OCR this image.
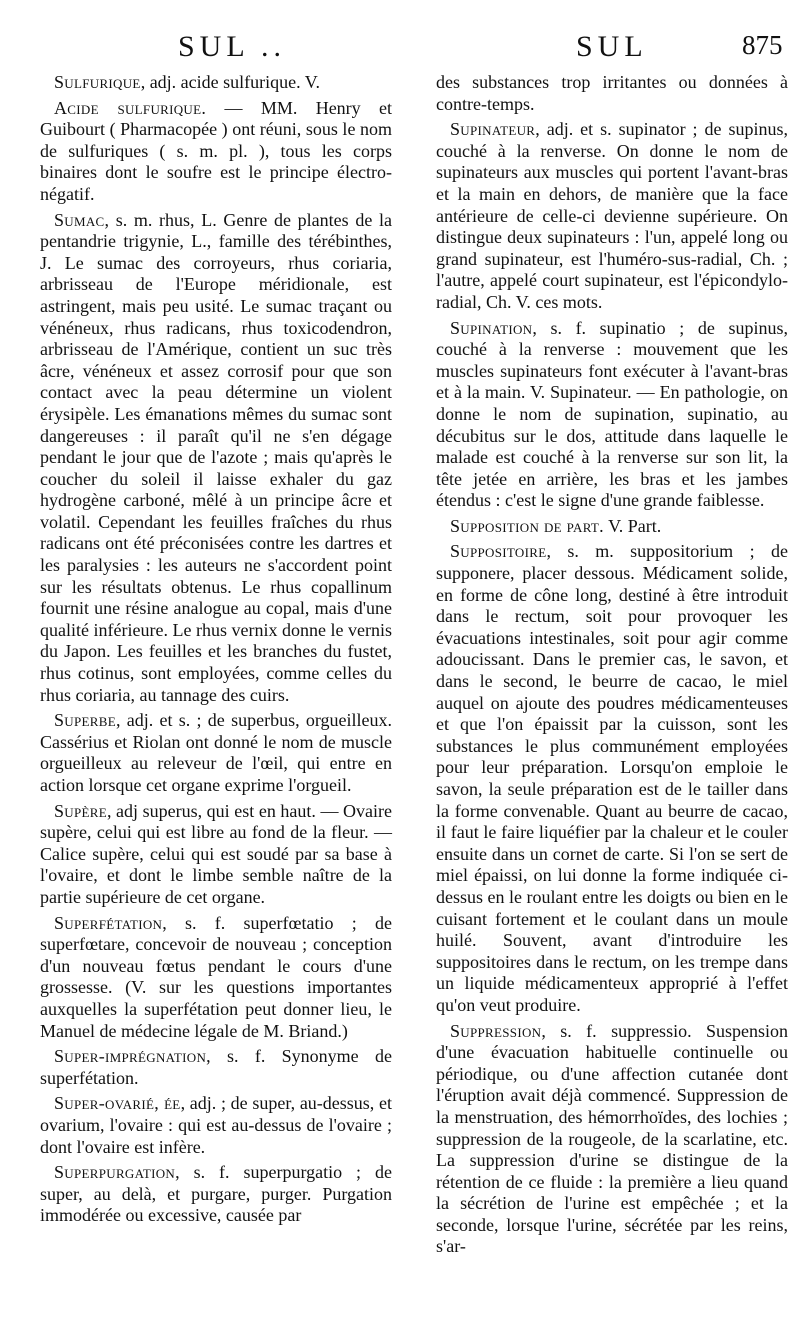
SUL ..	SUL	875

Sulfurique, adj. acide sulfurique. V.

Acide sulfurique. — MM. Henry et Guibourt ( Pharmacopée ) ont réuni, sous le nom de sulfuriques ( s. m. pl. ), tous les corps binaires dont le soufre est le principe électro-négatif.

Sumac, s. m. rhus, L. Genre de plantes de la pentandrie trigynie, L., famille des térébinthes, J. Le sumac des corroyeurs, rhus coriaria, arbrisseau de l'Europe méridionale, est astringent, mais peu usité. Le sumac traçant ou vénéneux, rhus radicans, rhus toxicodendron, arbrisseau de l'Amérique, contient un suc très âcre, vénéneux et assez corrosif pour que son contact avec la peau détermine un violent érysipèle. Les émanations mêmes du sumac sont dangereuses : il paraît qu'il ne s'en dégage pendant le jour que de l'azote ; mais qu'après le coucher du soleil il laisse exhaler du gaz hydrogène carboné, mêlé à un principe âcre et volatil. Cependant les feuilles fraîches du rhus radicans ont été préconisées contre les dartres et les paralysies : les auteurs ne s'accordent point sur les résultats obtenus. Le rhus copallinum fournit une résine analogue au copal, mais d'une qualité inférieure. Le rhus vernix donne le vernis du Japon. Les feuilles et les branches du fustet, rhus cotinus, sont employées, comme celles du rhus coriaria, au tannage des cuirs.

Superbe, adj. et s. ; de superbus, orgueilleux. Cassérius et Riolan ont donné le nom de muscle orgueilleux au releveur de l'œil, qui entre en action lorsque cet organe exprime l'orgueil.

Supère, adj superus, qui est en haut. — Ovaire supère, celui qui est libre au fond de la fleur. — Calice supère, celui qui est soudé par sa base à l'ovaire, et dont le limbe semble naître de la partie supérieure de cet organe.

Superfétation, s. f. superfœtatio ; de superfœtare, concevoir de nouveau ; conception d'un nouveau fœtus pendant le cours d'une grossesse. (V. sur les questions importantes auxquelles la superfétation peut donner lieu, le Manuel de médecine légale de M. Briand.)

Super-imprégnation, s. f. Synonyme de superfétation.

Super-ovarié, ée, adj. ; de super, au-dessus, et ovarium, l'ovaire : qui est au-dessus de l'ovaire ; dont l'ovaire est infère.

Superpurgation, s. f. superpurgatio ; de super, au delà, et purgare, purger. Purgation immodérée ou excessive, causée par

des substances trop irritantes ou données à contre-temps.

Supinateur, adj. et s. supinator ; de supinus, couché à la renverse. On donne le nom de supinateurs aux muscles qui portent l'avant-bras et la main en dehors, de manière que la face antérieure de celle-ci devienne supérieure. On distingue deux supinateurs : l'un, appelé long ou grand supinateur, est l'huméro-sus-radial, Ch. ; l'autre, appelé court supinateur, est l'épicondylo-radial, Ch. V. ces mots.

Supination, s. f. supinatio ; de supinus, couché à la renverse : mouvement que les muscles supinateurs font exécuter à l'avant-bras et à la main. V. Supinateur. — En pathologie, on donne le nom de supination, supinatio, au décubitus sur le dos, attitude dans laquelle le malade est couché à la renverse sur son lit, la tête jetée en arrière, les bras et les jambes étendus : c'est le signe d'une grande faiblesse.

Supposition de part. V. Part.

Suppositoire, s. m. suppositorium ; de supponere, placer dessous. Médicament solide, en forme de cône long, destiné à être introduit dans le rectum, soit pour provoquer les évacuations intestinales, soit pour agir comme adoucissant. Dans le premier cas, le savon, et dans le second, le beurre de cacao, le miel auquel on ajoute des poudres médicamenteuses et que l'on épaissit par la cuisson, sont les substances le plus communément employées pour leur préparation. Lorsqu'on emploie le savon, la seule préparation est de le tailler dans la forme convenable. Quant au beurre de cacao, il faut le faire liquéfier par la chaleur et le couler ensuite dans un cornet de carte. Si l'on se sert de miel épaissi, on lui donne la forme indiquée ci-dessus en le roulant entre les doigts ou bien en le cuisant fortement et le coulant dans un moule huilé. Souvent, avant d'introduire les suppositoires dans le rectum, on les trempe dans un liquide médicamenteux approprié à l'effet qu'on veut produire.

Suppression, s. f. suppressio. Suspension d'une évacuation habituelle continuelle ou périodique, ou d'une affection cutanée dont l'éruption avait déjà commencé. Suppression de la menstruation, des hémorrhoïdes, des lochies ; suppression de la rougeole, de la scarlatine, etc. La suppression d'urine se distingue de la rétention de ce fluide : la première a lieu quand la sécrétion de l'urine est empêchée ; et la seconde, lorsque l'urine, sécrétée par les reins, s'ar-
